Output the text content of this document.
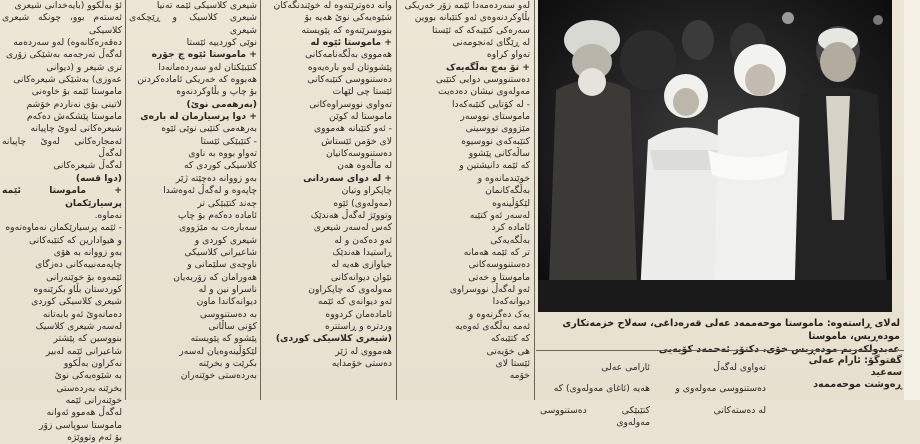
ئۆ بەڵکوو (بایەخدانی شیعری

ئەستەم بوو، چونکە شیعری کلاسیکی

دەقەرەکانەوە) لەو سەردەمە

لەگەڵ تەرجەمە بەشێکی زۆری

تری شیعر و (دیوانی

عەوزی) بەشێکی شیعرەکانی

ماموستا ئێمە بۆ خاوەنی

لاتینی بۆی نەناردم خۆشم

ماموستا پێشکەش دەکەم

شیعرەکانی لەوێ چاپیانە

ئەمجارەکانی لەوێ چاپیانە لەگەڵ

لەگەڵ شیعرەکانی

(دوا قسە)

+ ماموستا ئێمە پرسیارێکمان

نەماوە.

- ئێمە پرسیارێکمان نەماوەتەوە

و هیوادارین کە کتێبەکانی

بەو زووانە بە هۆی

چاپەمەنییەکانی دەزگای

ئێمەوە بۆ خوێنەرانی

کوردستان بڵاو بکرێنەوە

شیعری کلاسیکی کوردی

دەمانەوێ ئەو بابەتانە

لەسەر شیعری کلاسیک

بنووسین کە پێشتر

شاعیرانی ئێمە لەبیر

نەکراون بەڵکوو

بە شێوەیەکی نوێ

بخرێنە بەردەستی

خوێنەرانی ئێمە

لەگەڵ هەموو ئەوانە

ماموستا سوپاسی زۆر

بۆ ئەم وتووێژە

شیعری کلاسیکی ئێمە تەنیا

شیعری کلاسیک و ڕێچکەی شیعری

نوێی کوردییە ئێستا

+ ماموستا ئێوە چ جۆرە

کتێبێکتان لەو سەردەمانەدا

هەبووە کە خەریکی ئامادەکردنن

بۆ چاپ و بڵاوکردنەوە

(بەرهەمی نوێ)

+ دوا پرسیارمان لە بارەی

بەرهەمی کتێبی نوێی ئێوە

- کتێبێکی ئێستا

تەواو بووە بە ناوی

کلاسیکی کوردی کە

بەو زووانە دەچێتە ژێر

چاپەوە و لەگەڵ ئەوەشدا

چەند کتێبێکی تر

ئامادە دەکەم بۆ چاپ

سەبارەت بە مێژووی

شیعری کوردی و

شاعیرانی کلاسیکی

ناوچەی سلێمانی و

هەورامان کە زۆربەیان

ناسراو نین و لە

دیوانەکاندا ماون

بە دەستنووسی

کۆنی ساڵانی

پێشوو کە پێویستە

لێکۆڵینەوەیان لەسەر

بکرێت و بخرێنە

بەردەستی خوێنەران

وانە دەوترێتەوە لە خوێندنگەکان

شێوەیەکی نوێ هەیە بۆ

بنووسرێنەوە کە پێویستە

+ ماموستا ئێوە لە

هەمووی بەڵگەنامەکانی

پێشووتان لەو بارەیەوە

دەستنووسی کتێبەکانی

ئێستا چی لێهات

تەواوی نووسراوەکانی

ماموستا لە کوێن

- ئەو کتێبانە هەمووی

لای خۆمن ئێستاش

دەستنووسەکانیان

لە ماڵەوە هەن

+ لە دوای سەردانی

چاپکراو وتیان

(مەولەوی) ئێوە

وتووێژ لەگەڵ هەندێک

کەس لەسەر شیعری

ئەو دەکەن و لە

ڕاستیدا هەندێک

جیاوازی هەیە لە

نێوان دیوانەکانی

مەولەوی کە چاپکراون

ئەو دیوانەی کە ئێمە

ئامادەمان کردووە

وردترە و ڕاستترە

(شیعری کلاسیکی کوردی)

هەمووی لە ژێر

دەستی خۆمدایە

لەو سەردەمەدا ئێمە زۆر خەریکی

بڵاوکردنەوەی ئەو کتێبانە بووین

سەرەکی کتێبەکە کە ئێستا

لە ڕێگای ئەنجومەنی

تەواو کراوە

+ تۆ بەچ بەڵگەیەک

دەستنووسی دوایی کتێبی

مەولەوی نیشان دەدەیت

- لە کۆتایی کتێبەکەدا

ماموستای نووسەر

مێژووی نووسینی

کتێبەکەی نووسیوە

ساڵەکانی پێشوو

کە ئێمە دانیشتین و

خوێندمانەوە و

بەڵگەکانمان

لێکۆڵینەوە

لەسەر ئەو کتێبە

ئامادە کرد

بەڵگەیەکی

تر کە ئێمە هەمانە

دەستنووسەکانی

ماموستا و خەتی

ئەو لەگەڵ نووسراوی

دیوانەکەدا

یەک دەگرنەوە و

ئەمە بەڵگەی ئەوەیە

کە کتێبەکە

هی خۆیەتی

ئێستا لای

خۆمە

لەلای ڕاستەوە: ماموستا موحەممەد عەلی قەرەداغی، سەلاح خزمەتکاری مودەڕیس، ماموستا

ئارامی عەلی

هەیە (ئاغای مەولەوی) کە

کتێبێکی دەستنووسی مەولەوی

تەواوی لەگەڵ

دەستنووسی مەولەوی و

لە دەستەکانی

گفتوگۆ: ئارام عەلی سەعید
ڕەوشت موحەممەد
